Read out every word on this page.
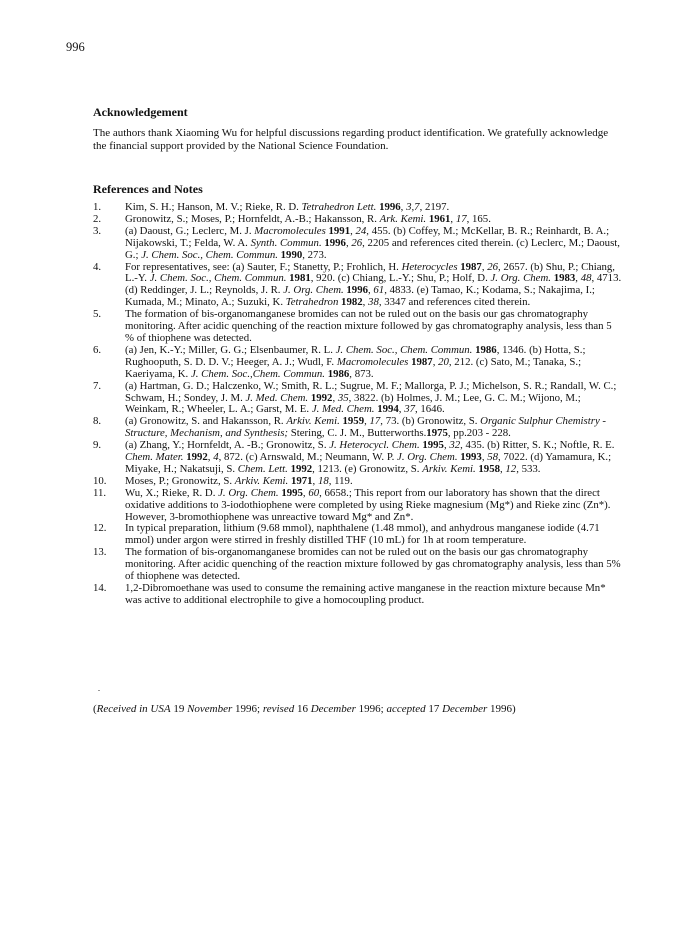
996
Acknowledgement
The authors thank Xiaoming Wu for helpful discussions regarding product identification. We gratefully acknowledge the financial support provided by the National Science Foundation.
References and Notes
1. Kim, S. H.; Hanson, M. V.; Rieke, R. D. Tetrahedron Lett. 1996, 3,7, 2197.
2. Gronowitz, S.; Moses, P.; Hornfeldt, A.-B.; Hakansson, R. Ark. Kemi. 1961, 17, 165.
3. (a) Daoust, G.; Leclerc, M. J. Macromolecules 1991, 24, 455. (b) Coffey, M.; McKellar, B. R.; Reinhardt, B. A.; Nijakowski, T.; Felda, W. A. Synth. Commun. 1996, 26, 2205 and references cited therein. (c) Leclerc, M.; Daoust, G.; J. Chem. Soc., Chem. Commun. 1990, 273.
4. For representatives, see: (a) Sauter, F.; Stanetty, P.; Frohlich, H. Heterocycles 1987, 26, 2657. (b) Shu, P.; Chiang, L.-Y. J. Chem. Soc., Chem. Commun. 1981, 920. (c) Chiang, L.-Y.; Shu, P.; Holf, D. J. Org. Chem. 1983, 48, 4713. (d) Reddinger, J. L.; Reynolds, J. R. J. Org. Chem. 1996, 61, 4833. (e) Tamao, K.; Kodama, S.; Nakajima, I.; Kumada, M.; Minato, A.; Suzuki, K. Tetrahedron 1982, 38, 3347 and references cited therein.
5. The formation of bis-organomanganese bromides can not be ruled out on the basis our gas chromatography monitoring. After acidic quenching of the reaction mixture followed by gas chromatography analysis, less than 5 % of thiophene was detected.
6. (a) Jen, K.-Y.; Miller, G. G.; Elsenbaumer, R. L. J. Chem. Soc., Chem. Commun. 1986, 1346. (b) Hotta, S.; Rughooputh, S. D. D. V.; Heeger, A. J.; Wudl, F. Macromolecules 1987, 20, 212. (c) Sato, M.; Tanaka, S.; Kaeriyama, K. J. Chem. Soc.,Chem. Commun. 1986, 873.
7. (a) Hartman, G. D.; Halczenko, W.; Smith, R. L.; Sugrue, M. F.; Mallorga, P. J.; Michelson, S. R.; Randall, W. C.; Schwam, H.; Sondey, J. M. J. Med. Chem. 1992, 35, 3822. (b) Holmes, J. M.; Lee, G. C. M.; Wijono, M.; Weinkam, R.; Wheeler, L. A.; Garst, M. E. J. Med. Chem. 1994, 37, 1646.
8. (a) Gronowitz, S. and Hakansson, R. Arkiv. Kemi. 1959, 17, 73. (b) Gronowitz, S. Organic Sulphur Chemistry - Structure, Mechanism, and Synthesis; Stering, C. J. M., Butterworths.1975, pp.203 - 228.
9. (a) Zhang, Y.; Hornfeldt, A. -B.; Gronowitz, S. J. Heterocycl. Chem. 1995, 32, 435. (b) Ritter, S. K.; Noftle, R. E. Chem. Mater. 1992, 4, 872. (c) Arnswald, M.; Neumann, W. P. J. Org. Chem. 1993, 58, 7022. (d) Yamamura, K.; Miyake, H.; Nakatsuji, S. Chem. Lett. 1992, 1213. (e) Gronowitz, S. Arkiv. Kemi. 1958, 12, 533.
10. Moses, P.; Gronowitz, S. Arkiv. Kemi. 1971, 18, 119.
11. Wu, X.; Rieke, R. D. J. Org. Chem. 1995, 60, 6658.; This report from our laboratory has shown that the direct oxidative additions to 3-iodothiophene were completed by using Rieke magnesium (Mg*) and Rieke zinc (Zn*). However, 3-bromothiophene was unreactive toward Mg* and Zn*.
12. In typical preparation, lithium (9.68 mmol), naphthalene (1.48 mmol), and anhydrous manganese iodide (4.71 mmol) under argon were stirred in freshly distilled THF (10 mL) for 1h at room temperature.
13. The formation of bis-organomanganese bromides can not be ruled out on the basis our gas chromatography monitoring. After acidic quenching of the reaction mixture followed by gas chromatography analysis, less than 5% of thiophene was detected.
14. 1,2-Dibromoethane was used to consume the remaining active manganese in the reaction mixture because Mn* was active to additional electrophile to give a homocoupling product.
(Received in USA 19 November 1996; revised 16 December 1996; accepted 17 December 1996)
